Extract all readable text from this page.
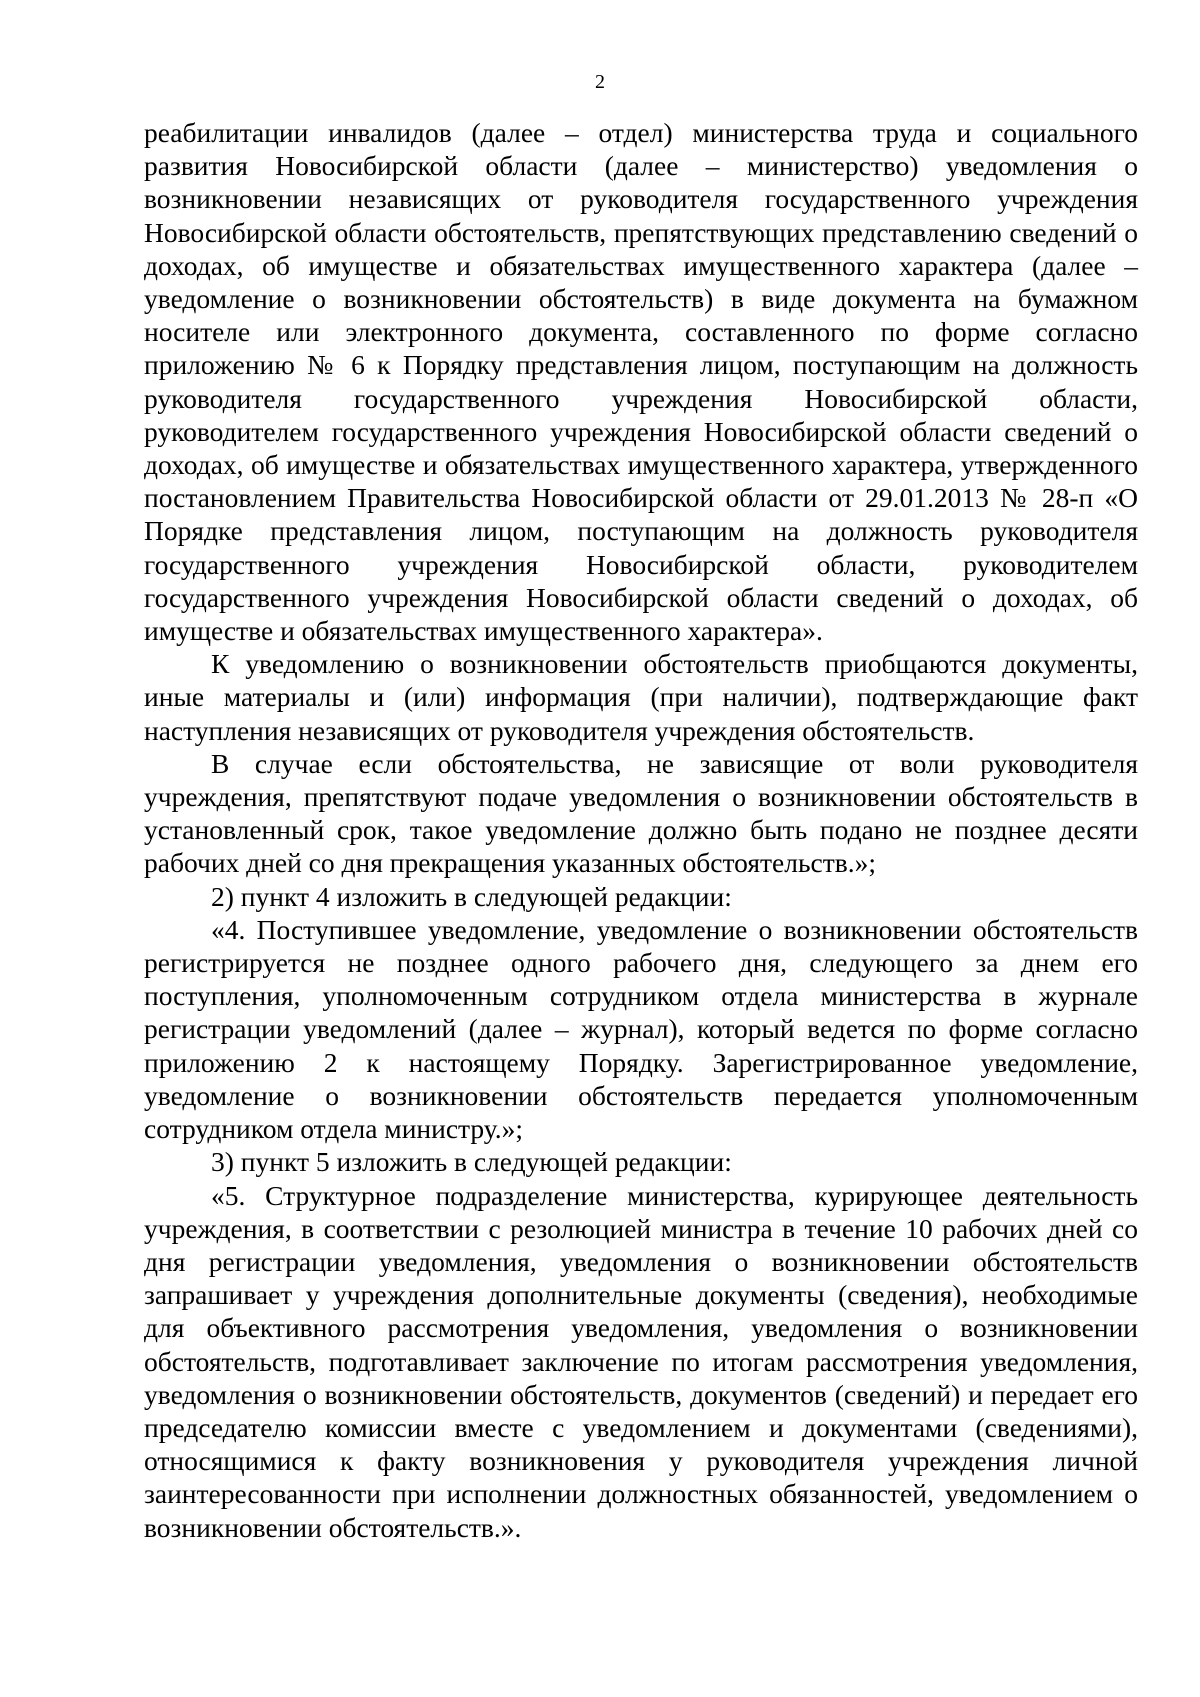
2

реабилитации инвалидов (далее – отдел) министерства труда и социального развития Новосибирской области (далее – министерство) уведомления о возникновении независящих от руководителя государственного учреждения Новосибирской области обстоятельств, препятствующих представлению сведений о доходах, об имуществе и обязательствах имущественного характера (далее – уведомление о возникновении обстоятельств) в виде документа на бумажном носителе или электронного документа, составленного по форме согласно приложению № 6 к Порядку представления лицом, поступающим на должность руководителя государственного учреждения Новосибирской области, руководителем государственного учреждения Новосибирской области сведений о доходах, об имуществе и обязательствах имущественного характера, утвержденного постановлением Правительства Новосибирской области от 29.01.2013 № 28-п «О Порядке представления лицом, поступающим на должность руководителя государственного учреждения Новосибирской области, руководителем государственного учреждения Новосибирской области сведений о доходах, об имуществе и обязательствах имущественного характера».

К уведомлению о возникновении обстоятельств приобщаются документы, иные материалы и (или) информация (при наличии), подтверждающие факт наступления независящих от руководителя учреждения обстоятельств.

В случае если обстоятельства, не зависящие от воли руководителя учреждения, препятствуют подаче уведомления о возникновении обстоятельств в установленный срок, такое уведомление должно быть подано не позднее десяти рабочих дней со дня прекращения указанных обстоятельств.»;

2) пункт 4 изложить в следующей редакции:

«4. Поступившее уведомление, уведомление о возникновении обстоятельств регистрируется не позднее одного рабочего дня, следующего за днем его поступления, уполномоченным сотрудником отдела министерства в журнале регистрации уведомлений (далее – журнал), который ведется по форме согласно приложению 2 к настоящему Порядку. Зарегистрированное уведомление, уведомление о возникновении обстоятельств передается уполномоченным сотрудником отдела министру.»;

3) пункт 5 изложить в следующей редакции:

«5. Структурное подразделение министерства, курирующее деятельность учреждения, в соответствии с резолюцией министра в течение 10 рабочих дней со дня регистрации уведомления, уведомления о возникновении обстоятельств запрашивает у учреждения дополнительные документы (сведения), необходимые для объективного рассмотрения уведомления, уведомления о возникновении обстоятельств, подготавливает заключение по итогам рассмотрения уведомления, уведомления о возникновении обстоятельств, документов (сведений) и передает его председателю комиссии вместе с уведомлением и документами (сведениями), относящимися к факту возникновения у руководителя учреждения личной заинтересованности при исполнении должностных обязанностей, уведомлением о возникновении обстоятельств.».
